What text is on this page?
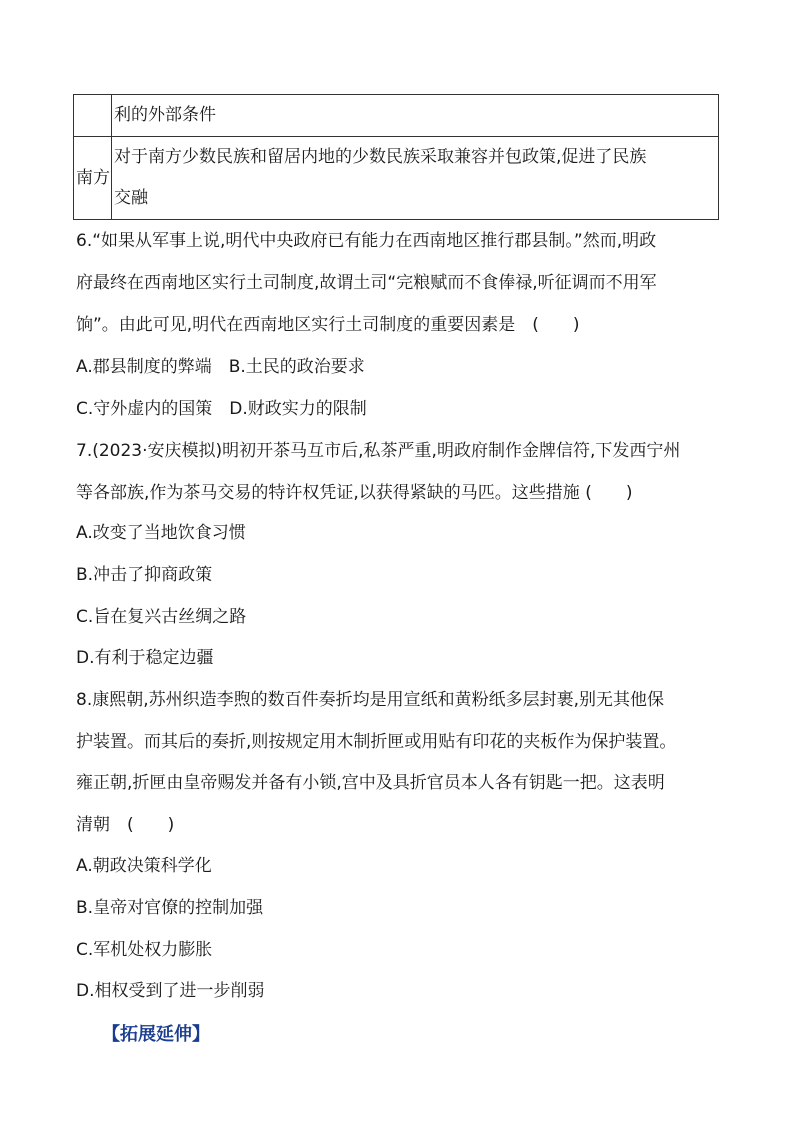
	利的外部条件
南方	对于南方少数民族和留居内地的少数民族采取兼容并包政策,促进了民族
交融
6.“如果从军事上说,明代中央政府已有能力在西南地区推行郡县制。”然而,明政
府最终在西南地区实行土司制度,故谓土司“完粮赋而不食俸禄,听征调而不用军
饷”。由此可见,明代在西南地区实行土司制度的重要因素是　(　　)
A.郡县制度的弊端　B.土民的政治要求
C.守外虚内的国策　D.财政实力的限制
7.(2023·安庆模拟)明初开茶马互市后,私茶严重,明政府制作金牌信符,下发西宁州
等各部族,作为茶马交易的特许权凭证,以获得紧缺的马匹。这些措施 (　　)
A.改变了当地饮食习惯
B.冲击了抑商政策
C.旨在复兴古丝绸之路
D.有利于稳定边疆
8.康熙朝,苏州织造李煦的数百件奏折均是用宣纸和黄粉纸多层封裹,别无其他保
护装置。而其后的奏折,则按规定用木制折匣或用贴有印花的夹板作为保护装置。
雍正朝,折匣由皇帝赐发并备有小锁,宫中及具折官员本人各有钥匙一把。这表明
清朝　(　　)
A.朝政决策科学化
B.皇帝对官僚的控制加强
C.军机处权力膨胀
D.相权受到了进一步削弱
【拓展延伸】
